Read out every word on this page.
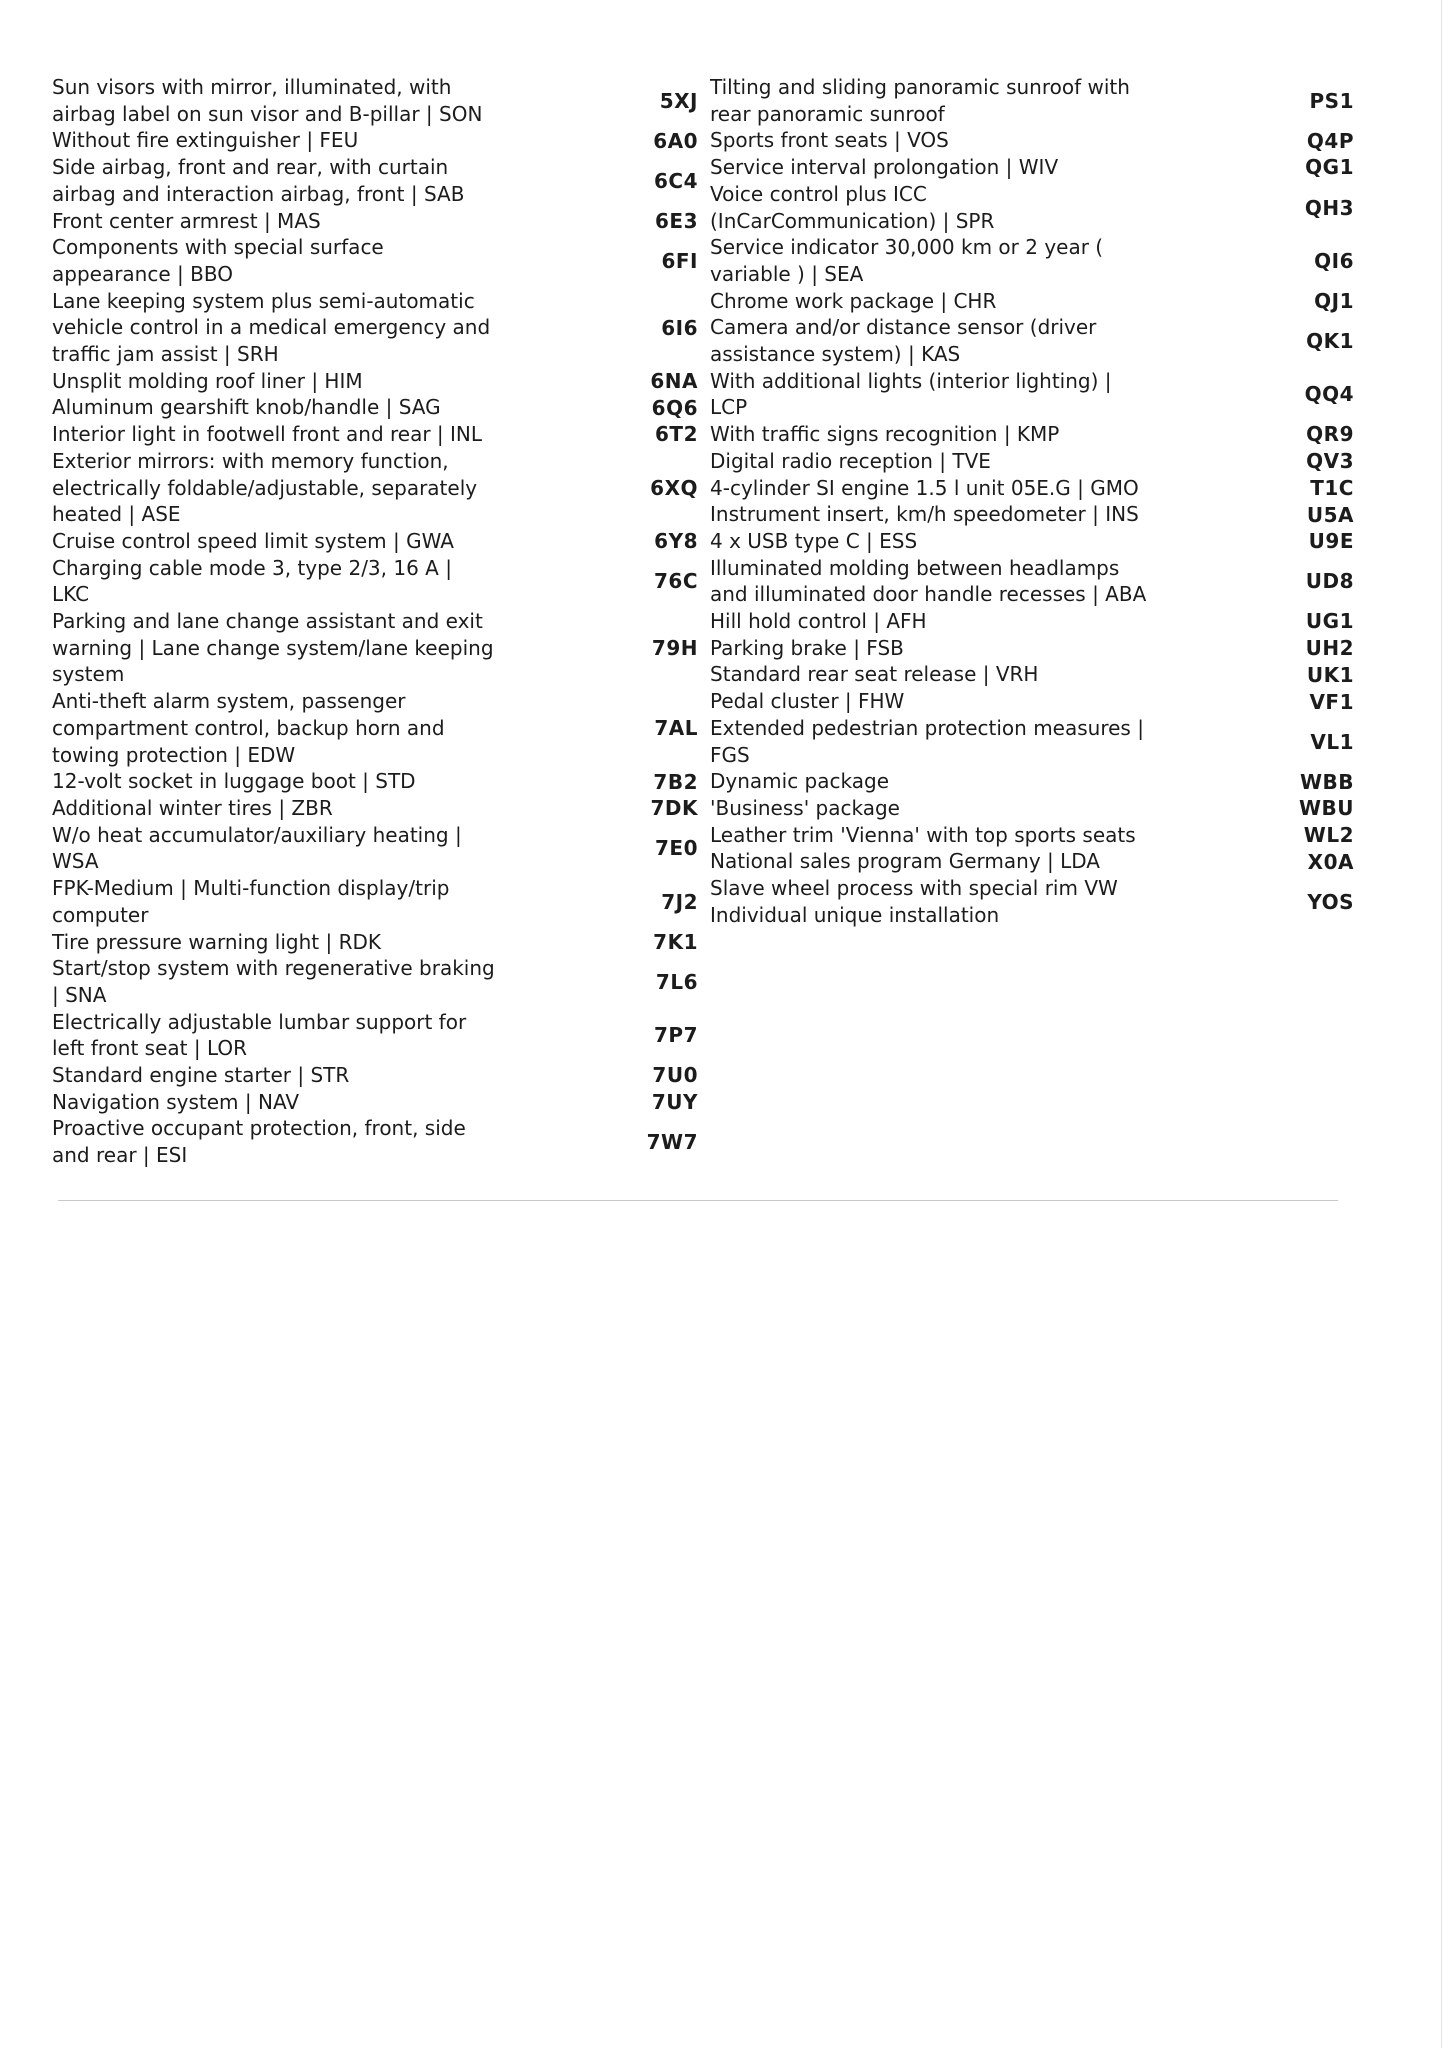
Sun visors with mirror, illuminated, with
airbag label on sun visor and B-pillar | SON
5XJ
Without fire extinguisher | FEU	6A0
Side airbag, front and rear, with curtain
airbag and interaction airbag, front | SAB
6C4
Front center armrest | MAS	6E3
Components with special surface
appearance | BBO
6FI
Lane keeping system plus semi-automatic
vehicle control in a medical emergency and
traffic jam assist | SRH
6I6
Unsplit molding roof liner | HIM	6NA
Aluminum gearshift knob/handle | SAG	6Q6
Interior light in footwell front and rear | INL	6T2
Exterior mirrors: with memory function,
electrically foldable/adjustable, separately
heated | ASE
6XQ
Cruise control speed limit system | GWA	6Y8
Charging cable mode 3, type 2/3, 16 A |
LKC
76C
Parking and lane change assistant and exit
warning | Lane change system/lane keeping
system
79H
Anti-theft alarm system, passenger
compartment control, backup horn and
towing protection | EDW
7AL
12-volt socket in luggage boot | STD	7B2
Additional winter tires | ZBR	7DK
W/o heat accumulator/auxiliary heating |
WSA
7E0
FPK-Medium | Multi-function display/trip
computer
7J2
Tire pressure warning light | RDK	7K1
Start/stop system with regenerative braking
| SNA
7L6
Electrically adjustable lumbar support for
left front seat | LOR
7P7
Standard engine starter | STR	7U0
Navigation system | NAV	7UY
Proactive occupant protection, front, side
and rear | ESI
7W7
Tilting and sliding panoramic sunroof with
rear panoramic sunroof
PS1
Sports front seats | VOS	Q4P
Service interval prolongation | WIV	QG1
Voice control plus ICC
(InCarCommunication) | SPR
QH3
Service indicator 30,000 km or 2 year (
variable ) | SEA
QI6
Chrome work package | CHR	QJ1
Camera and/or distance sensor (driver
assistance system) | KAS
QK1
With additional lights (interior lighting) |
LCP
QQ4
With traffic signs recognition | KMP	QR9
Digital radio reception | TVE	QV3
4-cylinder SI engine 1.5 l unit 05E.G | GMO	T1C
Instrument insert, km/h speedometer | INS	U5A
4 x USB type C | ESS	U9E
Illuminated molding between headlamps
and illuminated door handle recesses | ABA
UD8
Hill hold control | AFH	UG1
Parking brake | FSB	UH2
Standard rear seat release | VRH	UK1
Pedal cluster | FHW	VF1
Extended pedestrian protection measures |
FGS
VL1
Dynamic package	WBB
'Business' package	WBU
Leather trim 'Vienna' with top sports seats	WL2
National sales program Germany | LDA	X0A
Slave wheel process with special rim VW
Individual unique installation
YOS
